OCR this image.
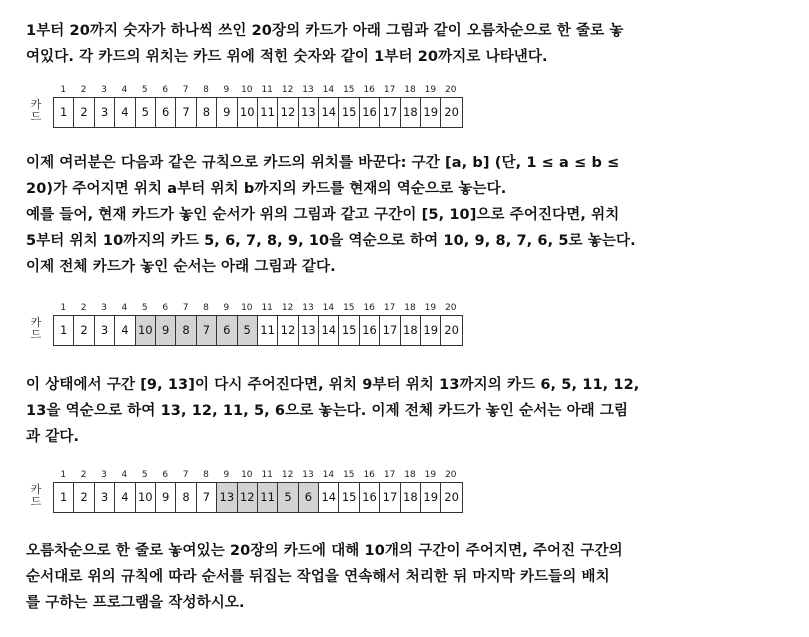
1부터 20까지 숫자가 하나씩 쓰인 20장의 카드가 아래 그림과 같이 오름차순으로 한 줄로 놓
여있다. 각 카드의 위치는 카드 위에 적힌 숫자와 같이 1부터 20까지로 나타낸다.
1	2	3	4	5	6	7	8	9	10 11 12 13 14 15 16 17 18 19 20
카드	1	2	3	4	5	6	7	8	9 10 11 12 13 14 15 16 17 18 19 20
이제 여러분은 다음과 같은 규칙으로 카드의 위치를 바꾼다: 구간 [a, b] (단, 1 ≤ a ≤ b ≤
20)가 주어지면 위치 a부터 위치 b까지의 카드를 현재의 역순으로 놓는다.
예를 들어, 현재 카드가 놓인 순서가 위의 그림과 같고 구간이 [5, 10]으로 주어진다면, 위치
5부터 위치 10까지의 카드 5, 6, 7, 8, 9, 10을 역순으로 하여 10, 9, 8, 7, 6, 5로 놓는다.
이제 전체 카드가 놓인 순서는 아래 그림과 같다.
1	2	3	4	5	6	7	8	9	10 11 12 13 14 15 16 17 18 19 20
카드	1	2	3	4 10 9	8	7	6	5 11 12 13 14 15 16 17 18 19 20
이 상태에서 구간 [9, 13]이 다시 주어진다면, 위치 9부터 위치 13까지의 카드 6, 5, 11, 12,
13을 역순으로 하여 13, 12, 11, 5, 6으로 놓는다. 이제 전체 카드가 놓인 순서는 아래 그림
과 같다.
1	2	3	4	5	6	7	8	9	10 11 12 13 14 15 16 17 18 19 20
카드	1	2	3	4 10 9	8	7 13 12 11 5	6 14 15 16 17 18 19 20
오름차순으로 한 줄로 놓여있는 20장의 카드에 대해 10개의 구간이 주어지면, 주어진 구간의
순서대로 위의 규칙에 따라 순서를 뒤집는 작업을 연속해서 처리한 뒤 마지막 카드들의 배치
를 구하는 프로그램을 작성하시오.
